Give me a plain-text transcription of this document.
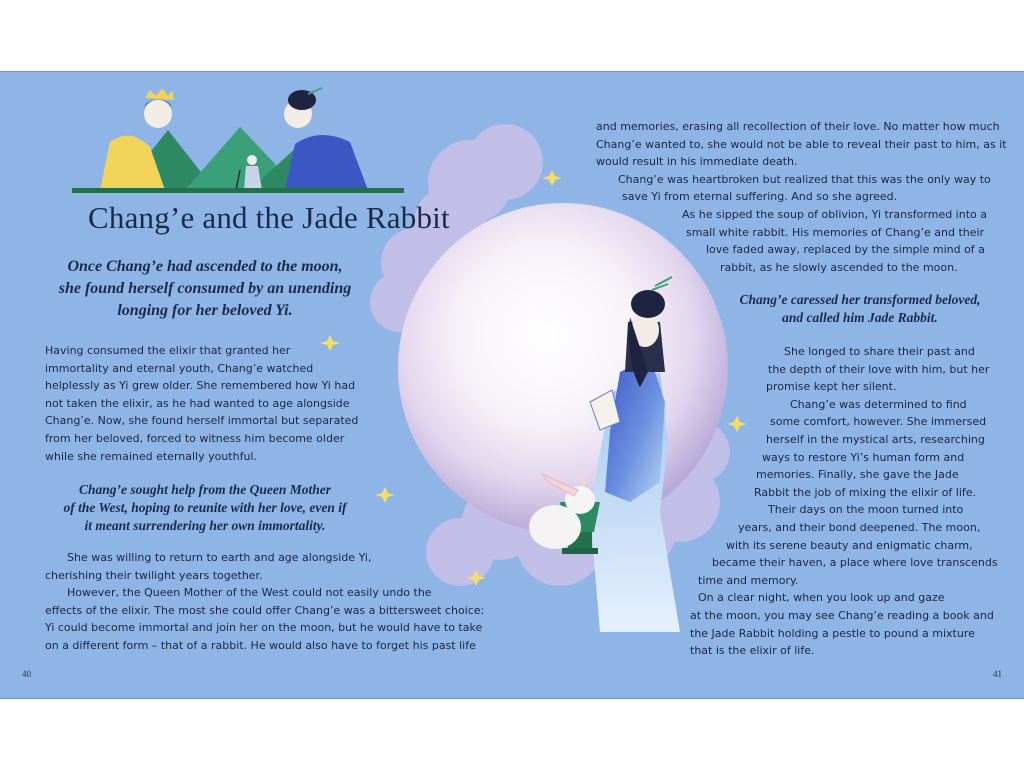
Chang’e and the Jade Rabbit
Once Chang’e had ascended to the moon,
she found herself consumed by an unending
longing for her beloved Yi.
Having consumed the elixir that granted her
immortality and eternal youth, Chang’e watched
helplessly as Yi grew older. She remembered how Yi had
not taken the elixir, as he had wanted to age alongside
Chang’e. Now, she found herself immortal but separated
from her beloved, forced to witness him become older
while she remained eternally youthful.
Chang’e sought help from the Queen Mother
of the West, hoping to reunite with her love, even if
it meant surrendering her own immortality.
She was willing to return to earth and age alongside Yi,
cherishing their twilight years together.
However, the Queen Mother of the West could not easily undo the
effects of the elixir. The most she could offer Chang’e was a bittersweet choice:
Yi could become immortal and join her on the moon, but he would have to take
on a different form – that of a rabbit. He would also have to forget his past life
and memories, erasing all recollection of their love. No matter how much
Chang’e wanted to, she would not be able to reveal their past to him, as it
would result in his immediate death.
Chang’e was heartbroken but realized that this was the only way to
save Yi from eternal suffering. And so she agreed.
As he sipped the soup of oblivion, Yi transformed into a
small white rabbit. His memories of Chang’e and their
love faded away, replaced by the simple mind of a
rabbit, as he slowly ascended to the moon.
Chang’e caressed her transformed beloved,
and called him Jade Rabbit.
She longed to share their past and
the depth of their love with him, but her
promise kept her silent.
Chang’e was determined to find
some comfort, however. She immersed
herself in the mystical arts, researching
ways to restore Yi’s human form and
memories. Finally, she gave the Jade
Rabbit the job of mixing the elixir of life.
Their days on the moon turned into
years, and their bond deepened. The moon,
with its serene beauty and enigmatic charm,
became their haven, a place where love transcends
time and memory.
On a clear night, when you look up and gaze
at the moon, you may see Chang’e reading a book and
the Jade Rabbit holding a pestle to pound a mixture
that is the elixir of life.
40	41
